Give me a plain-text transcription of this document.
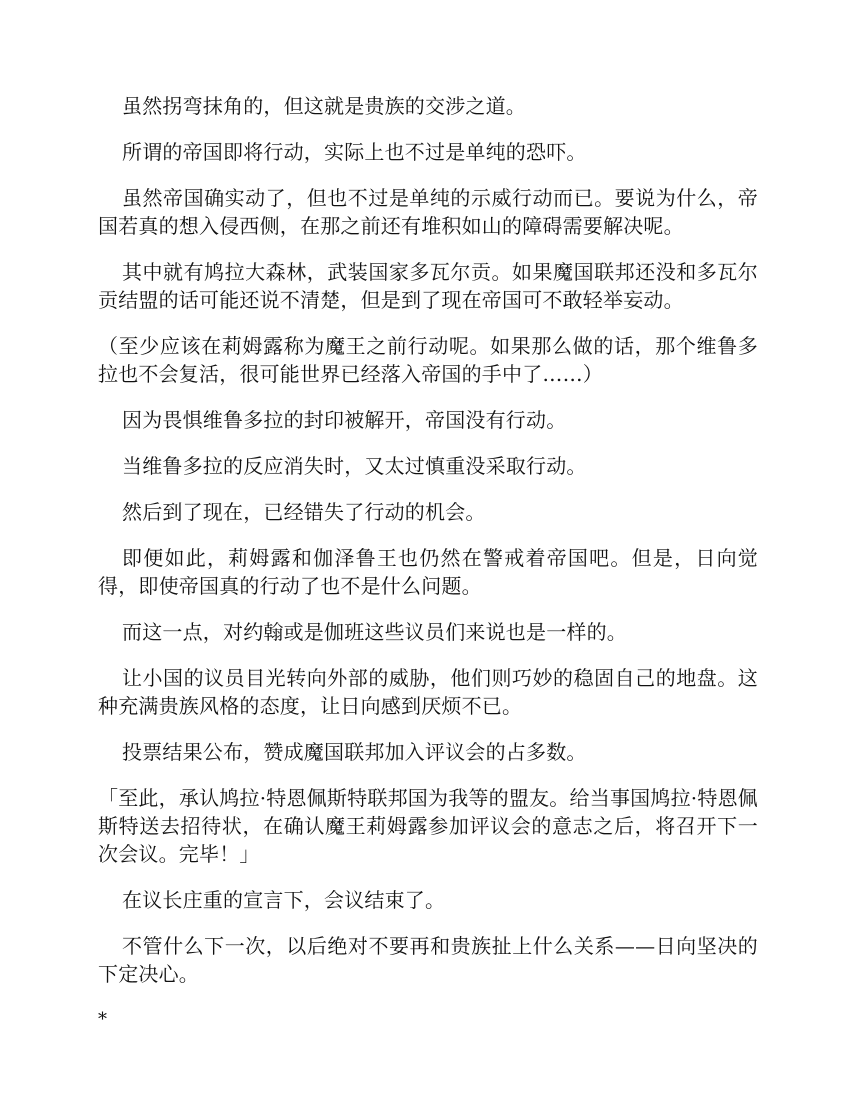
虽然拐弯抹角的，但这就是贵族的交涉之道。

所谓的帝国即将行动，实际上也不过是单纯的恐吓。

虽然帝国确实动了，但也不过是单纯的示威行动而已。要说为什么，帝国若真的想入侵西侧，在那之前还有堆积如山的障碍需要解决呢。

其中就有鸠拉大森林，武装国家多瓦尔贡。如果魔国联邦还没和多瓦尔贡结盟的话可能还说不清楚，但是到了现在帝国可不敢轻举妄动。

（至少应该在莉姆露称为魔王之前行动呢。如果那么做的话，那个维鲁多拉也不会复活，很可能世界已经落入帝国的手中了……）

因为畏惧维鲁多拉的封印被解开，帝国没有行动。

当维鲁多拉的反应消失时，又太过慎重没采取行动。

然后到了现在，已经错失了行动的机会。

即便如此，莉姆露和伽泽鲁王也仍然在警戒着帝国吧。但是，日向觉得，即使帝国真的行动了也不是什么问题。

而这一点，对约翰或是伽班这些议员们来说也是一样的。

让小国的议员目光转向外部的威胁，他们则巧妙的稳固自己的地盘。这种充满贵族风格的态度，让日向感到厌烦不已。

投票结果公布，赞成魔国联邦加入评议会的占多数。

「至此，承认鸠拉·特恩佩斯特联邦国为我等的盟友。给当事国鸠拉·特恩佩斯特送去招待状，在确认魔王莉姆露参加评议会的意志之后，将召开下一次会议。完毕！」

在议长庄重的宣言下，会议结束了。

不管什么下一次，以后绝对不要再和贵族扯上什么关系——日向坚决的下定决心。

*
